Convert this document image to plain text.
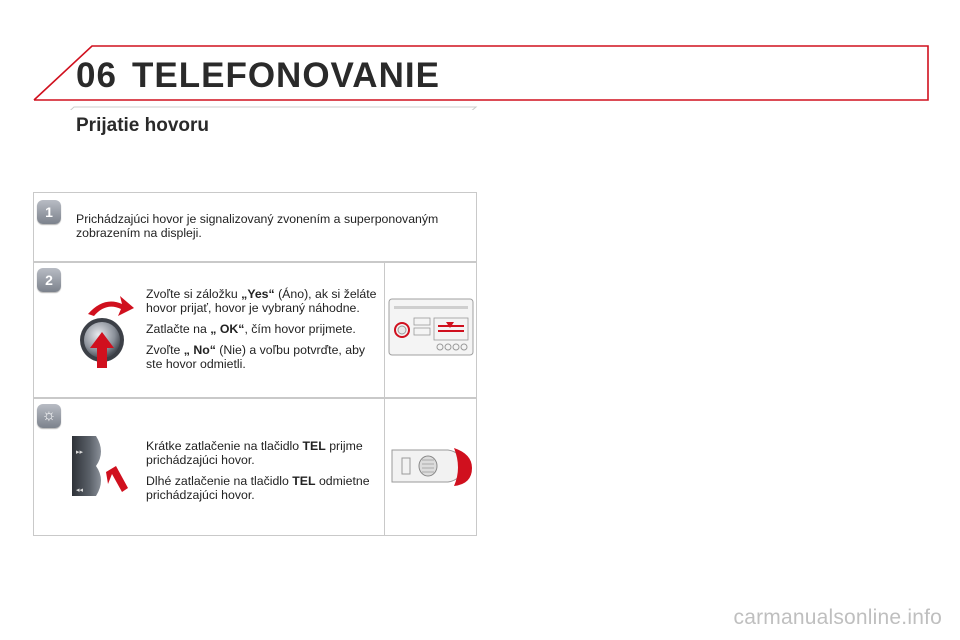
06 TELEFONOVANIE
Prijatie hovoru
1	Prichádzajúci hovor je signalizovaný zvonením a superponovaným zobrazením na displeji.
2

Zvoľte si záložku „Yes“ (Áno), ak si želáte hovor prijať, hovor je vybraný náhodne.

Zatlačte na „ OK“, čím hovor prijmete.

Zvoľte „ No“ (Nie) a voľbu potvrďte, aby ste hovor odmietli.

☼
▸▸
◂◂

Krátke zatlačenie na tlačidlo TEL prijme prichádzajúci hovor.

Dlhé zatlačenie na tlačidlo TEL odmietne prichádzajúci hovor.

carmanualsonline.info
